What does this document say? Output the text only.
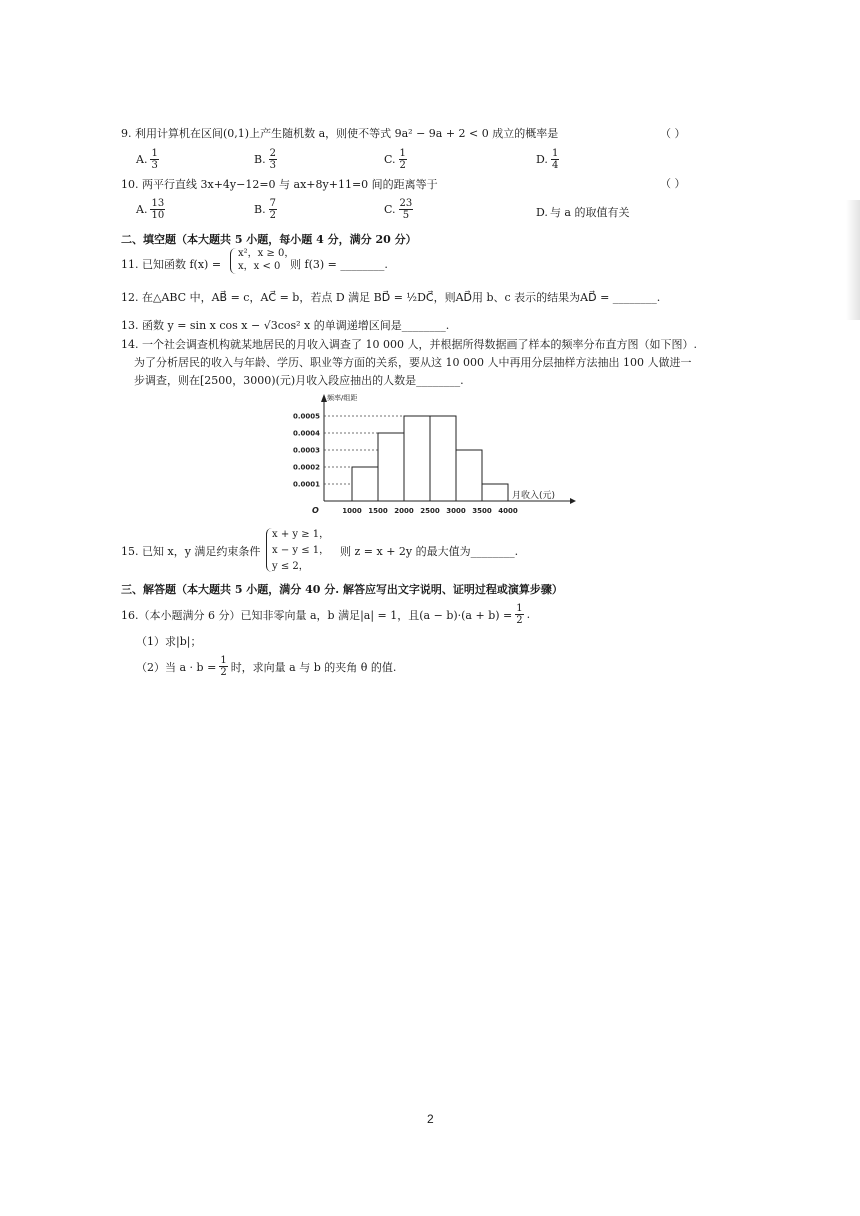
9. 利用计算机在区间(0,1)上产生随机数 a，则使不等式 9a² − 9a + 2 < 0 成立的概率是	（ ）
A. $\frac{1}{3}$	B. $\frac{2}{3}$	C. $\frac{1}{2}$	D. $\frac{1}{4}$
10. 两平行直线 3x+4y−12=0 与 ax+8y+11=0 间的距离等于	（ ）
A. $\frac{13}{10}$	B. $\frac{7}{2}$	C. $\frac{23}{5}$	D. 与 a 的取值有关
二、填空题（本大题共 5 小题，每小题 4 分，满分 20 分）
11. 已知函数 f(x) =
x²，x ≥ 0，
x，x < 0 则 f(3) = ________.
12. 在△ABC 中，AB⃗ = c，AC⃗ = b，若点 D 满足 BD⃗ = ½DC⃗，则AD⃗用 b、c 表示的结果为AD⃗ = ________.
13. 函数 y = sin x cos x − √3cos² x 的单调递增区间是________.
14. 一个社会调查机构就某地居民的月收入调查了 10 000 人，并根据所得数据画了样本的频率分布直方图（如下图）.
为了分析居民的收入与年龄、学历、职业等方面的关系，要从这 10 000 人中再用分层抽样方法抽出 100 人做进一
步调查，则在[2500，3000)(元)月收入段应抽出的人数是________.
频率/组距
月收入(元)
O
0.0005
0.0004
0.0003
0.0002
0.0001
1000 1500 2000 2500 3000 3500 4000
15. 已知 x，y 满足约束条件
x + y ≥ 1，
x − y ≤ 1，
y ≤ 2，
则 z = x + 2y 的最大值为________.
三、解答题（本大题共 5 小题，满分 40 分. 解答应写出文字说明、证明过程或演算步骤）
16.（本小题满分 6 分）已知非零向量 a，b 满足|a| = 1，且$(a - b)\cdot(a + b) = \frac{1}{2}$ .
（1）求|b|；
（2）当 $a \cdot b = \frac{1}{2}$ 时，求向量 a 与 b 的夹角 θ 的值.
2
